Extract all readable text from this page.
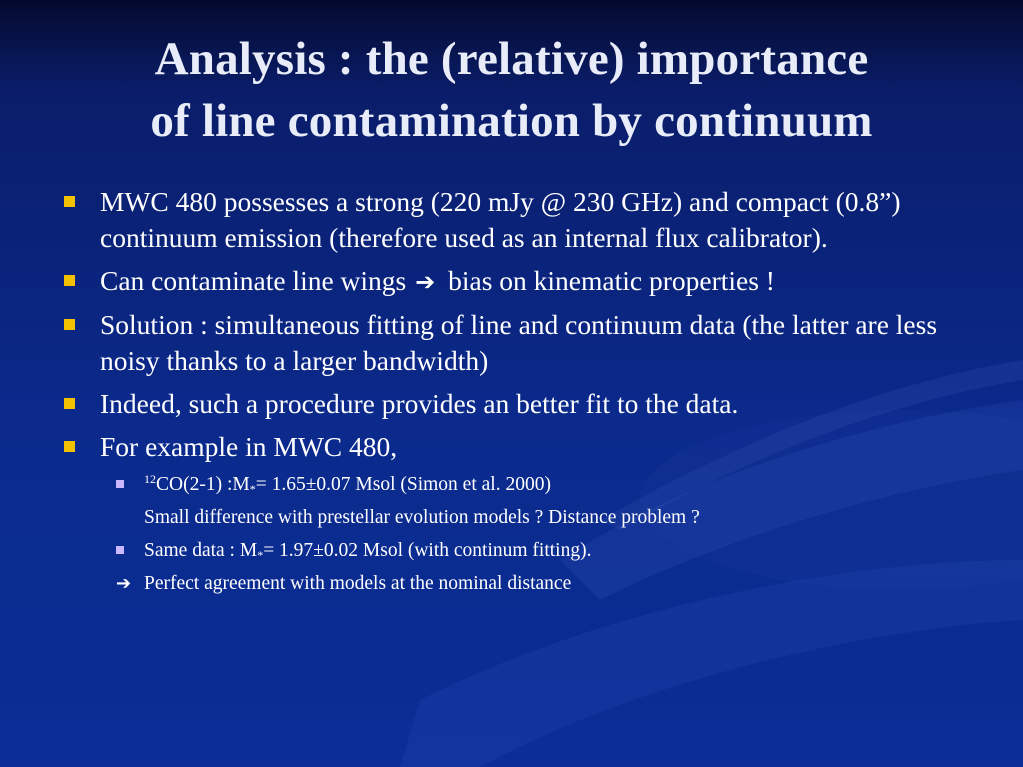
Analysis : the (relative) importance
of line contamination by continuum
MWC 480 possesses a strong (220 mJy @ 230 GHz) and compact (0.8”) continuum emission (therefore used as an internal flux calibrator).
Can contaminate line wings ➔ bias on kinematic properties !
Solution : simultaneous fitting of line and continuum data (the latter are less noisy thanks to a larger bandwidth)
Indeed, such a procedure provides an better fit to the data.
For example in MWC 480,
$^{12}$CO(2-1) $:M_*= 1.65\pm 0.07$ Msol (Simon et al. 2000)
Small difference with prestellar evolution models ? Distance problem ?
Same data : $M_*= 1.97\pm 0.02$ Msol (with continum fitting).
➔ Perfect agreement with models at the nominal distance
